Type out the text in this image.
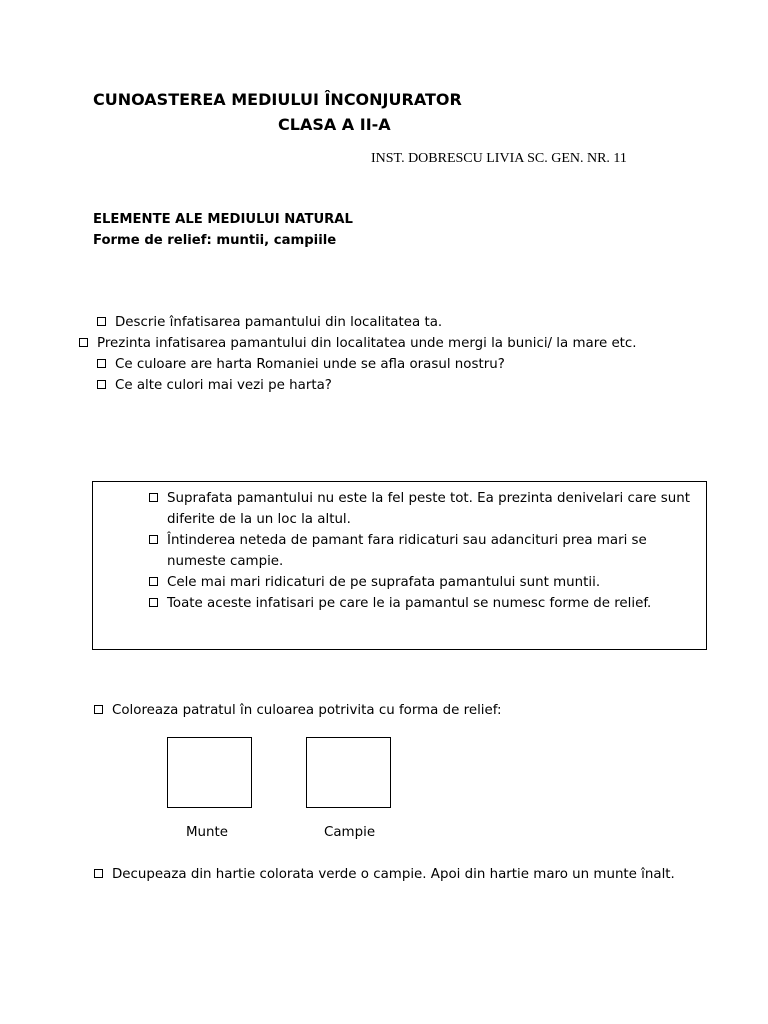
CUNOASTEREA MEDIULUI ÎNCONJURATOR
CLASA A II-A
INST. DOBRESCU LIVIA SC. GEN. NR. 11
ELEMENTE ALE MEDIULUI NATURAL
Forme de relief: muntii, campiile
Descrie înfatisarea pamantului din localitatea ta.
Prezinta infatisarea pamantului din localitatea unde mergi la bunici/ la mare etc.
Ce culoare are harta Romaniei unde se afla orasul nostru?
Ce alte culori mai vezi pe harta?
Suprafata pamantului nu este la fel peste tot. Ea prezinta denivelari care sunt diferite de la un loc la altul.
Întinderea neteda de pamant fara ridicaturi sau adancituri prea mari se numeste campie.
Cele mai mari ridicaturi de pe suprafata pamantului sunt muntii.
Toate aceste infatisari pe care le ia pamantul se numesc forme de relief.
Coloreaza patratul în culoarea potrivita cu forma de relief:
Munte	Campie
Decupeaza din hartie colorata verde o campie. Apoi din hartie maro un munte înalt.
